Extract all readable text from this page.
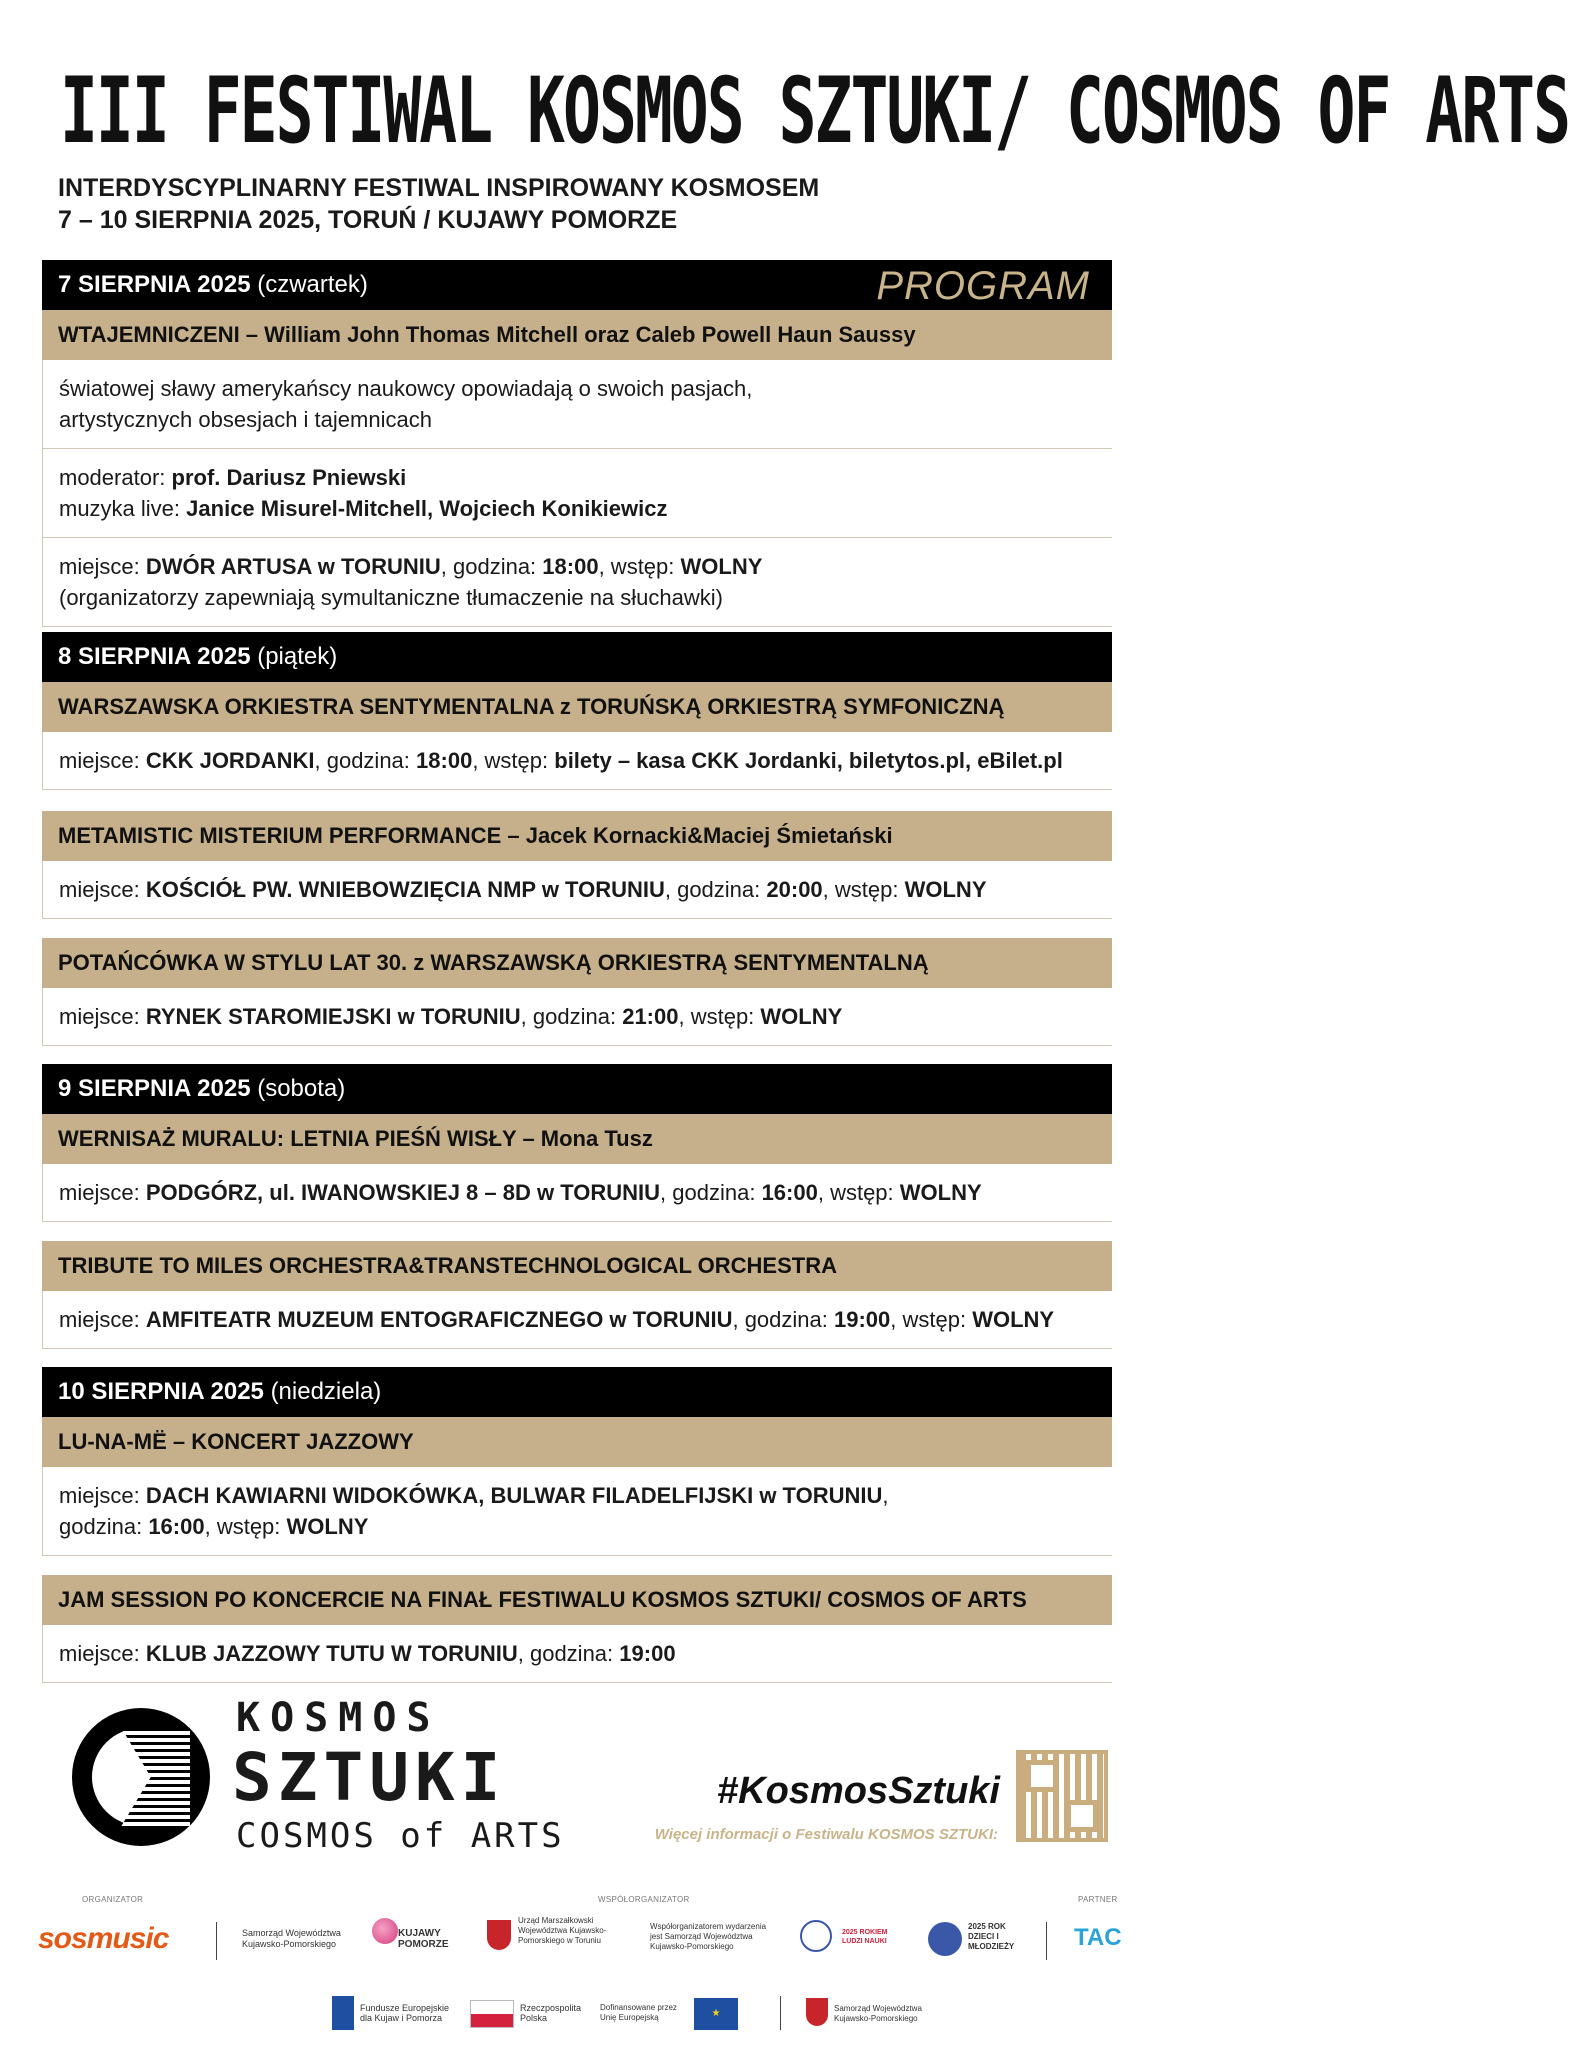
III FESTIWAL KOSMOS SZTUKI/ COSMOS OF ARTS
INTERDYSCYPLINARNY FESTIWAL INSPIROWANY KOSMOSEM
7 – 10 SIERPNIA 2025, TORUŃ / KUJAWY POMORZE
7 SIERPNIA 2025 (czwartek)	PROGRAM
WTAJEMNICZENI – William John Thomas Mitchell oraz Caleb Powell Haun Saussy
światowej sławy amerykańscy naukowcy opowiadają o swoich pasjach,
artystycznych obsesjach i tajemnicach
moderator: prof. Dariusz Pniewski
muzyka live: Janice Misurel-Mitchell, Wojciech Konikiewicz
miejsce: DWÓR ARTUSA w TORUNIU, godzina: 18:00, wstęp: WOLNY
(organizatorzy zapewniają symultaniczne tłumaczenie na słuchawki)
8 SIERPNIA 2025 (piątek)
WARSZAWSKA ORKIESTRA SENTYMENTALNA z TORUŃSKĄ ORKIESTRĄ SYMFONICZNĄ
miejsce: CKK JORDANKI, godzina: 18:00, wstęp: bilety – kasa CKK Jordanki, biletytos.pl, eBilet.pl
METAMISTIC MISTERIUM PERFORMANCE – Jacek Kornacki&Maciej Śmietański
miejsce: KOŚCIÓŁ PW. WNIEBOWZIĘCIA NMP w TORUNIU, godzina: 20:00, wstęp: WOLNY
POTAŃCÓWKA W STYLU LAT 30. z WARSZAWSKĄ ORKIESTRĄ SENTYMENTALNĄ
miejsce: RYNEK STAROMIEJSKI w TORUNIU, godzina: 21:00, wstęp: WOLNY
9 SIERPNIA 2025 (sobota)
WERNISAŻ MURALU: LETNIA PIEŚŃ WISŁY – Mona Tusz
miejsce: PODGÓRZ, ul. IWANOWSKIEJ 8 – 8D w TORUNIU, godzina: 16:00, wstęp: WOLNY
TRIBUTE TO MILES ORCHESTRA&TRANSTECHNOLOGICAL ORCHESTRA
miejsce: AMFITEATR MUZEUM ENTOGRAFICZNEGO w TORUNIU, godzina: 19:00, wstęp: WOLNY
10 SIERPNIA 2025 (niedziela)
LU-NA-MË – KONCERT JAZZOWY
miejsce: DACH KAWIARNI WIDOKÓWKA, BULWAR FILADELFIJSKI w TORUNIU,
godzina: 16:00, wstęp: WOLNY
JAM SESSION PO KONCERCIE NA FINAŁ FESTIWALU KOSMOS SZTUKI/ COSMOS OF ARTS
miejsce: KLUB JAZZOWY TUTU W TORUNIU, godzina: 19:00
KOSMOS
SZTUKI
COSMOS of ARTS
#KosmosSztuki
Więcej informacji o Festiwalu KOSMOS SZTUKI:
ORGANIZATOR	WSPÓŁORGANIZATOR	PARTNER
sosmusic	Samorząd Województwa Kujawsko-Pomorskiego
KUJAWY POMORZE
Urząd Marszałkowski Województwa Kujawsko-Pomorskiego w Toruniu
Współorganizatorem wydarzenia jest Samorząd Województwa Kujawsko-Pomorskiego
2025 ROKIEM LUDZI NAUKI
2025 ROK DZIECI I MŁODZIEŻY	TAC
Fundusze Europejskie dla Kujaw i Pomorza
Rzeczpospolita Polska
Dofinansowane przez Unię Europejską	★	Samorząd Województwa Kujawsko-Pomorskiego
